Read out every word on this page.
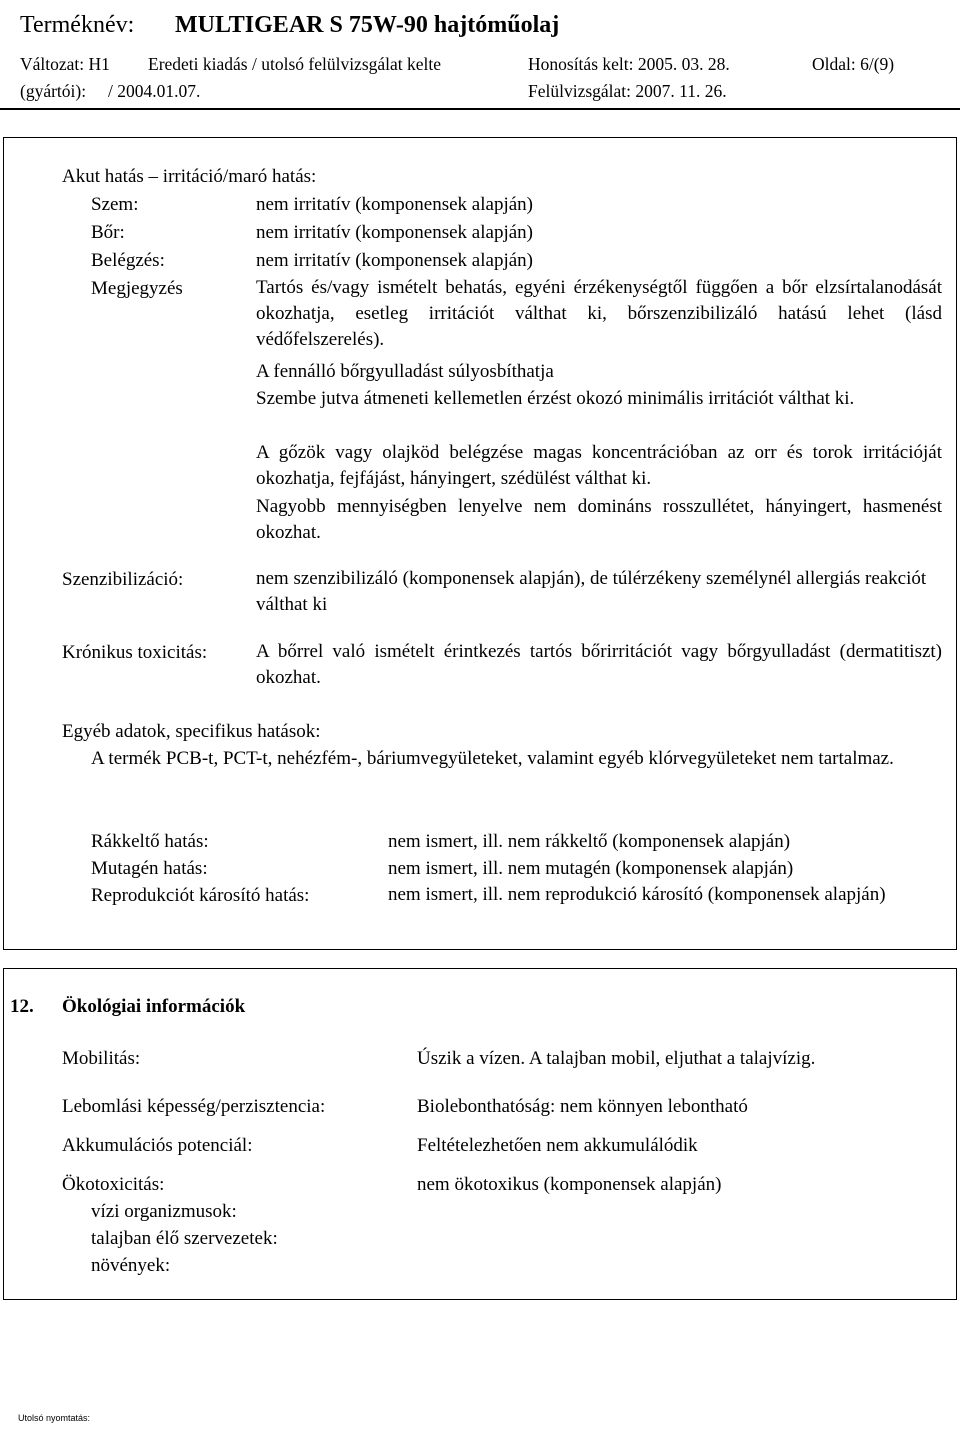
Terméknév: MULTIGEAR S 75W-90 hajtóműolaj
Változat: H1 Eredeti kiadás / utolsó felülvizsgálat kelte
(gyártói):     / 2004.01.07.
Honosítás kelt: 2005. 03. 28.
Felülvizsgálat: 2007. 11. 26.
Oldal: 6/(9)
Akut hatás – irritáció/maró hatás:
Szem:	nem irritatív (komponensek alapján)
Bőr:	nem irritatív (komponensek alapján)
Belégzés:	nem irritatív (komponensek alapján)
Megjegyzés	Tartós és/vagy ismételt behatás, egyéni érzékenységtől függően a bőr elzsírtalanodását okozhatja, esetleg irritációt válthat ki, bőrszenzibilizáló hatású lehet (lásd védőfelszerelés).
A fennálló bőrgyulladást súlyosbíthatja
Szembe jutva átmeneti kellemetlen érzést okozó minimális irritációt válthat ki.
A gőzök vagy olajköd belégzése magas koncentrációban az orr és torok irritációját okozhatja, fejfájást, hányingert, szédülést válthat ki.
Nagyobb mennyiségben lenyelve nem domináns rosszullétet, hányingert, hasmenést okozhat.
Szenzibilizáció:	nem szenzibilizáló (komponensek alapján), de túlérzékeny személynél allergiás reakciót válthat ki
Krónikus toxicitás:	A bőrrel való ismételt érintkezés tartós bőrirritációt vagy bőrgyulladást (dermatitiszt) okozhat.
Egyéb adatok, specifikus hatások:
A termék PCB-t, PCT-t, nehézfém-, báriumvegyületeket, valamint egyéb klórvegyületeket nem tartalmaz.
Rákkeltő hatás:	nem ismert, ill. nem rákkeltő (komponensek alapján)
Mutagén hatás:	nem ismert, ill. nem mutagén (komponensek alapján)
Reprodukciót károsító hatás:	nem ismert, ill. nem reprodukció károsító (komponensek alapján)
12. Ökológiai információk
Mobilitás:	Úszik a vízen. A talajban mobil, eljuthat a talajvízig.
Lebomlási képesség/perzisztencia:	Biolebonthatóság: nem könnyen lebontható
Akkumulációs potenciál:	Feltételezhetően nem akkumulálódik
Ökotoxicitás:	nem ökotoxikus (komponensek alapján)
vízi organizmusok:
talajban élő szervezetek:
növények:
Utolsó nyomtatás:
